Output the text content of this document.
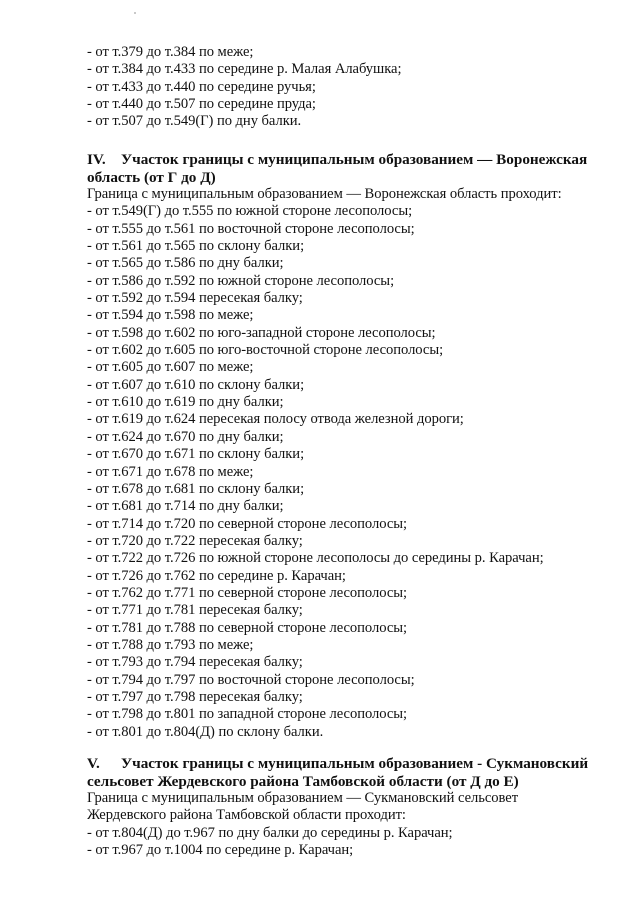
- от т.379 до т.384 по меже;
- от т.384 до т.433 по середине р. Малая Алабушка;
- от т.433 до т.440 по середине ручья;
- от т.440 до т.507 по середине пруда;
- от т.507 до т.549(Г) по дну балки.
IV. Участок границы с муниципальным образованием — Воронежская
область (от Г до Д)
Граница с муниципальным образованием — Воронежская область проходит:
- от т.549(Г) до т.555 по южной стороне лесополосы;
- от т.555 до т.561 по восточной стороне лесополосы;
- от т.561 до т.565 по склону балки;
- от т.565 до т.586 по дну балки;
- от т.586 до т.592 по южной стороне лесополосы;
- от т.592 до т.594 пересекая балку;
- от т.594 до т.598 по меже;
- от т.598 до т.602 по юго-западной стороне лесополосы;
- от т.602 до т.605 по юго-восточной стороне лесополосы;
- от т.605 до т.607 по меже;
- от т.607 до т.610 по склону балки;
- от т.610 до т.619 по дну балки;
- от т.619 до т.624 пересекая полосу отвода железной дороги;
- от т.624 до т.670 по дну балки;
- от т.670 до т.671 по склону балки;
- от т.671 до т.678 по меже;
- от т.678 до т.681 по склону балки;
- от т.681 до т.714 по дну балки;
- от т.714 до т.720 по северной стороне лесополосы;
- от т.720 до т.722 пересекая балку;
- от т.722 до т.726 по южной стороне лесополосы до середины р. Карачан;
- от т.726 до т.762 по середине р. Карачан;
- от т.762 до т.771 по северной стороне лесополосы;
- от т.771 до т.781 пересекая балку;
- от т.781 до т.788 по северной стороне лесополосы;
- от т.788 до т.793 по меже;
- от т.793 до т.794 пересекая балку;
- от т.794 до т.797 по восточной стороне лесополосы;
- от т.797 до т.798 пересекая балку;
- от т.798 до т.801 по западной стороне лесополосы;
- от т.801 до т.804(Д) по склону балки.
V. Участок границы с муниципальным образованием - Сукмановский
сельсовет Жердевского района Тамбовской области (от Д до Е)
Граница с муниципальным образованием — Сукмановский сельсовет
Жердевского района Тамбовской области проходит:
- от т.804(Д) до т.967 по дну балки до середины р. Карачан;
- от т.967 до т.1004 по середине р. Карачан;
